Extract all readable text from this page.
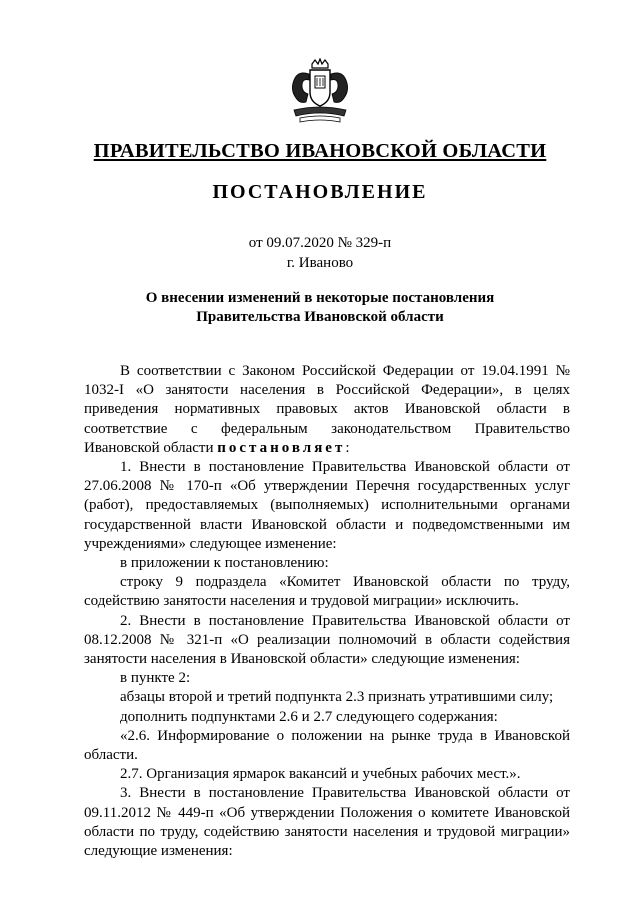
ПРАВИТЕЛЬСТВО ИВАНОВСКОЙ ОБЛАСТИ
ПОСТАНОВЛЕНИЕ
от 09.07.2020 № 329-п
г. Иваново
О внесении изменений в некоторые постановления
Правительства Ивановской области

В соответствии с Законом Российской Федерации от 19.04.1991 № 1032-I «О занятости населения в Российской Федерации», в целях приведения нормативных правовых актов Ивановской области в соответствие с федеральным законодательством Правительство Ивановской области постановляет:

1. Внести в постановление Правительства Ивановской области от 27.06.2008 № 170-п «Об утверждении Перечня государственных услуг (работ), предоставляемых (выполняемых) исполнительными органами государственной власти Ивановской области и подведомственными им учреждениями» следующее изменение:

в приложении к постановлению:

строку 9 подраздела «Комитет Ивановской области по труду, содействию занятости населения и трудовой миграции» исключить.

2. Внести в постановление Правительства Ивановской области от 08.12.2008 № 321-п «О реализации полномочий в области содействия занятости населения в Ивановской области» следующие изменения:

в пункте 2:

абзацы второй и третий подпункта 2.3 признать утратившими силу;

дополнить подпунктами 2.6 и 2.7 следующего содержания:

«2.6. Информирование о положении на рынке труда в Ивановской области.

2.7. Организация ярмарок вакансий и учебных рабочих мест.».

3. Внести в постановление Правительства Ивановской области от 09.11.2012 № 449-п «Об утверждении Положения о комитете Ивановской области по труду, содействию занятости населения и трудовой миграции» следующие изменения:
